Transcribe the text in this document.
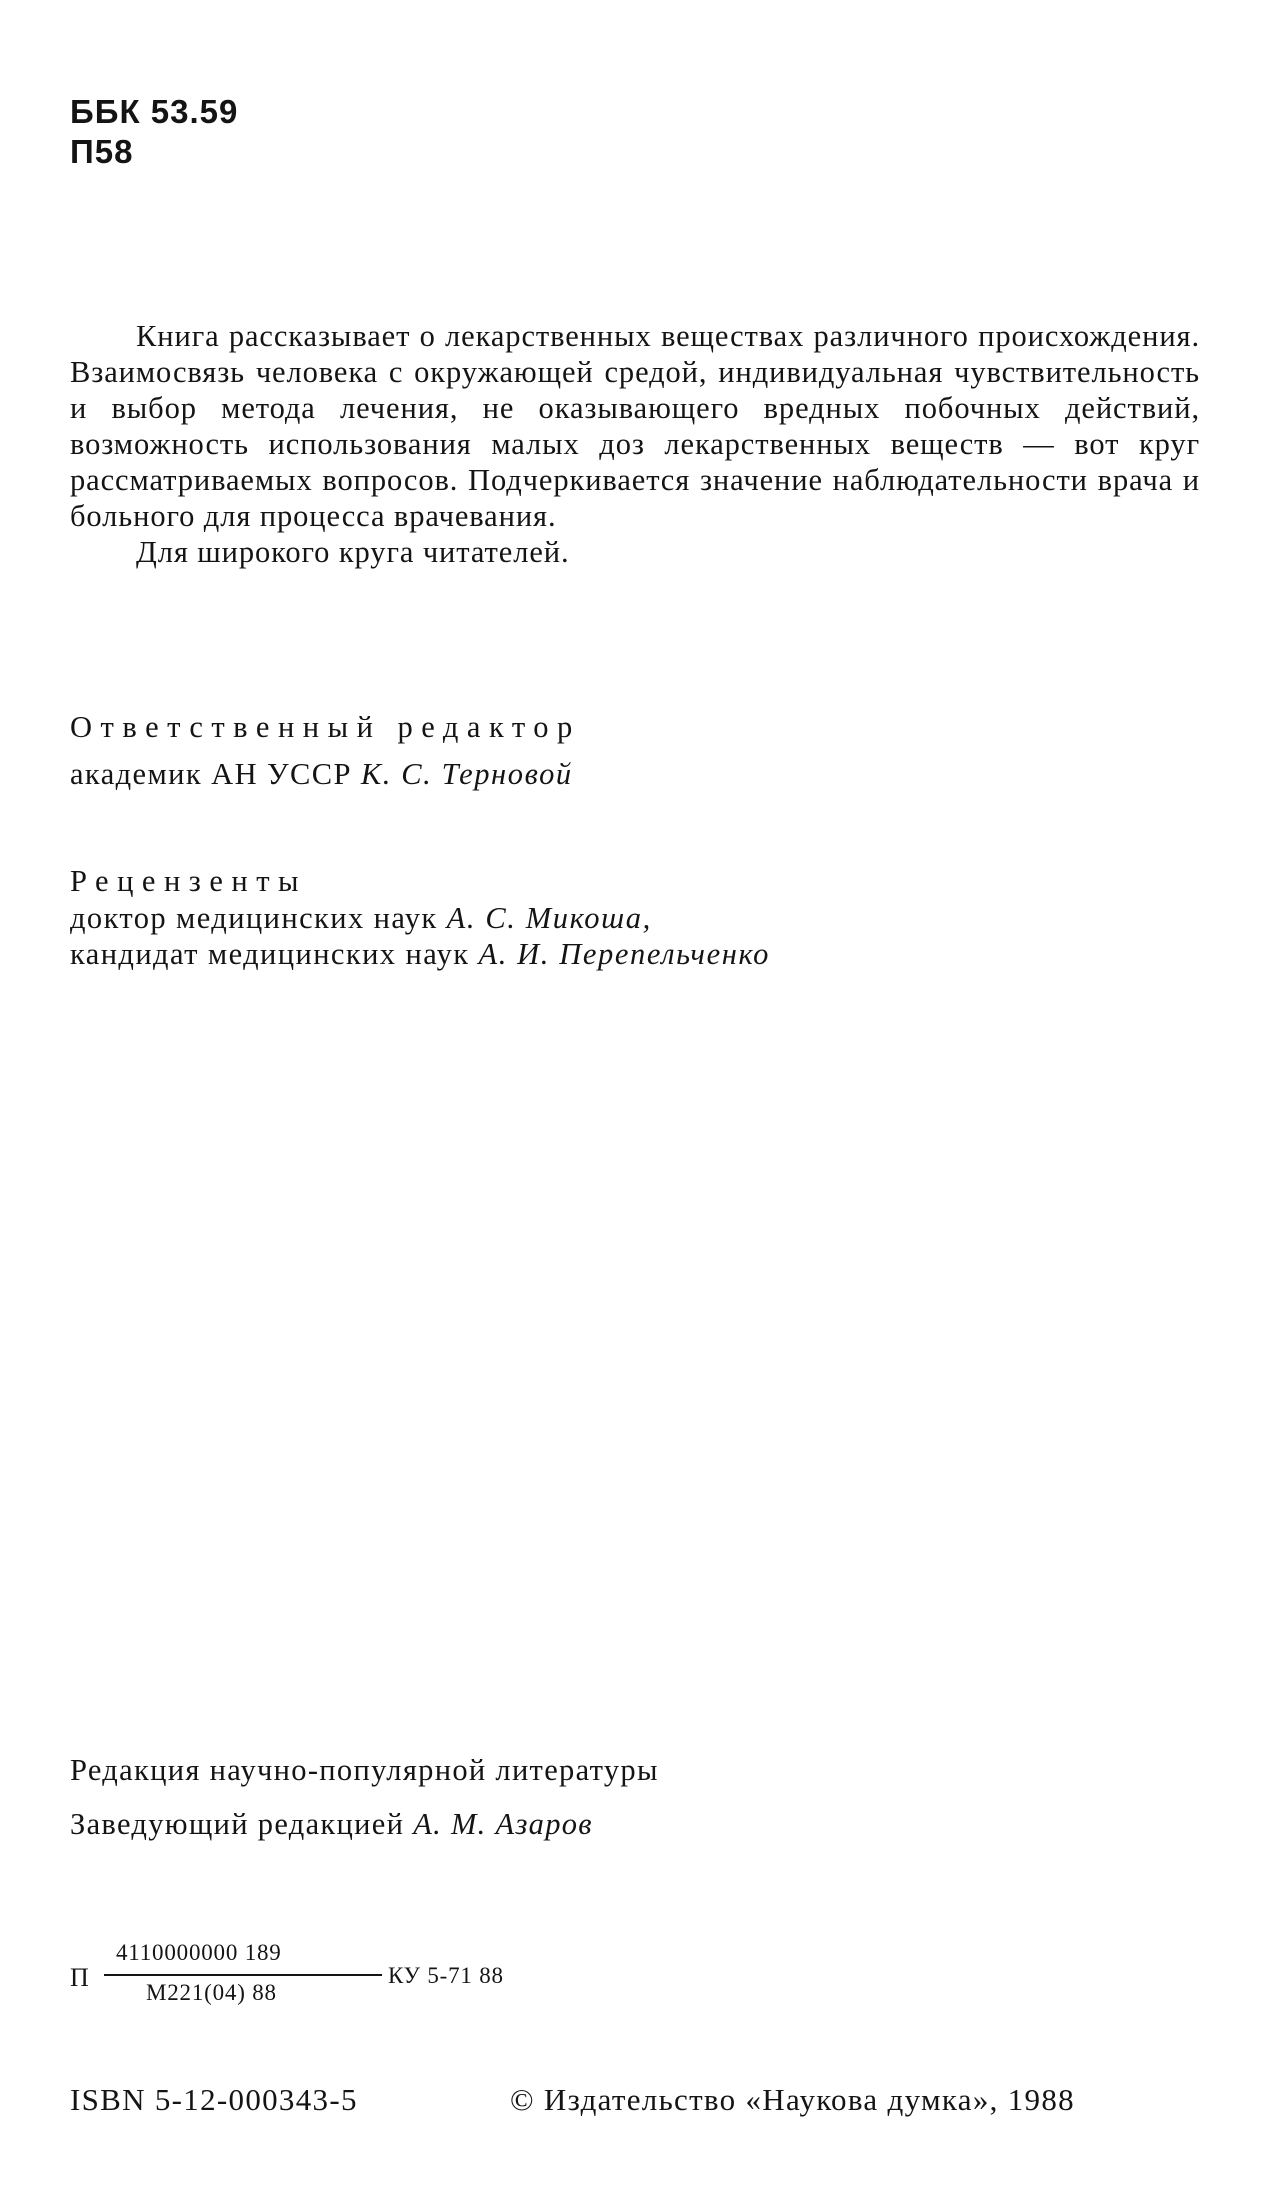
ББК 53.59
П58

Книга рассказывает о лекарственных веществах различного происхождения. Взаимосвязь человека с окружающей средой, индивидуальная чувствительность и выбор метода лечения, не оказывающего вредных побочных действий, возможность использования малых доз лекарственных веществ — вот круг рассматриваемых вопросов. Подчеркивается значение наблюдательности врача и больного для процесса врачевания.

Для широкого круга читателей.

Ответственный редактор
академик АН УССР К. С. Терновой
Рецензенты
доктор медицинских наук А. С. Микоша,
кандидат медицинских наук А. И. Перепельченко
Редакция научно-популярной литературы
Заведующий редакцией А. М. Азаров
П
4110000000 189
М221(04) 88
КУ 5-71 88
ISBN 5-12-000343-5	© Издательство «Наукова думка», 1988
